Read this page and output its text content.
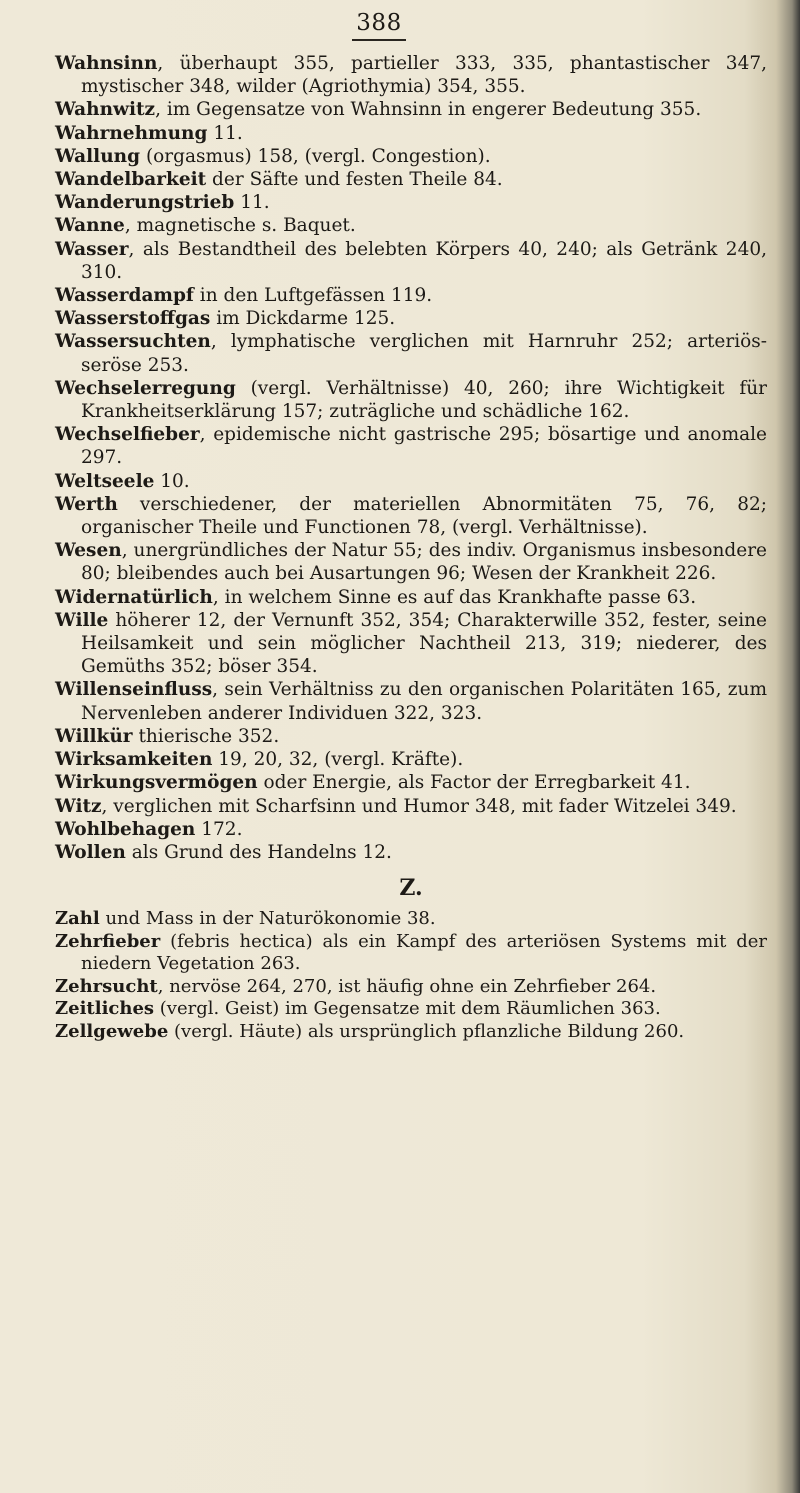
388
Wahnsinn, überhaupt 355, partieller 333, 335, phantastischer 347, mystischer 348, wilder (Agriothymia) 354, 355.
Wahnwitz, im Gegensatze von Wahnsinn in engerer Bedeutung 355.
Wahrnehmung 11.
Wallung (orgasmus) 158, (vergl. Congestion).
Wandelbarkeit der Säfte und festen Theile 84.
Wanderungstrieb 11.
Wanne, magnetische s. Baquet.
Wasser, als Bestandtheil des belebten Körpers 40, 240; als Getränk 240, 310.
Wasserdampf in den Luftgefässen 119.
Wasserstoffgas im Dickdarme 125.
Wassersuchten, lymphatische verglichen mit Harnruhr 252; arteriös-seröse 253.
Wechselerregung (vergl. Verhältnisse) 40, 260; ihre Wichtigkeit für Krankheitserklärung 157; zuträgliche und schädliche 162.
Wechselfieber, epidemische nicht gastrische 295; bösartige und anomale 297.
Weltseele 10.
Werth verschiedener, der materiellen Abnormitäten 75, 76, 82; organischer Theile und Functionen 78, (vergl. Verhältnisse).
Wesen, unergründliches der Natur 55; des indiv. Organismus insbesondere 80; bleibendes auch bei Ausartungen 96; Wesen der Krankheit 226.
Widernatürlich, in welchem Sinne es auf das Krankhafte passe 63.
Wille höherer 12, der Vernunft 352, 354; Charakterwille 352, fester, seine Heilsamkeit und sein möglicher Nachtheil 213, 319; niederer, des Gemüths 352; böser 354.
Willenseinfluss, sein Verhältniss zu den organischen Polaritäten 165, zum Nervenleben anderer Individuen 322, 323.
Willkür thierische 352.
Wirksamkeiten 19, 20, 32, (vergl. Kräfte).
Wirkungsvermögen oder Energie, als Factor der Erregbarkeit 41.
Witz, verglichen mit Scharfsinn und Humor 348, mit fader Witzelei 349.
Wohlbehagen 172.
Wollen als Grund des Handelns 12.
Z.
Zahl und Mass in der Naturökonomie 38.
Zehrfieber (febris hectica) als ein Kampf des arteriösen Systems mit der niedern Vegetation 263.
Zehrsucht, nervöse 264, 270, ist häufig ohne ein Zehrfieber 264.
Zeitliches (vergl. Geist) im Gegensatze mit dem Räumlichen 363.
Zellgewebe (vergl. Häute) als ursprünglich pflanzliche Bildung 260.
